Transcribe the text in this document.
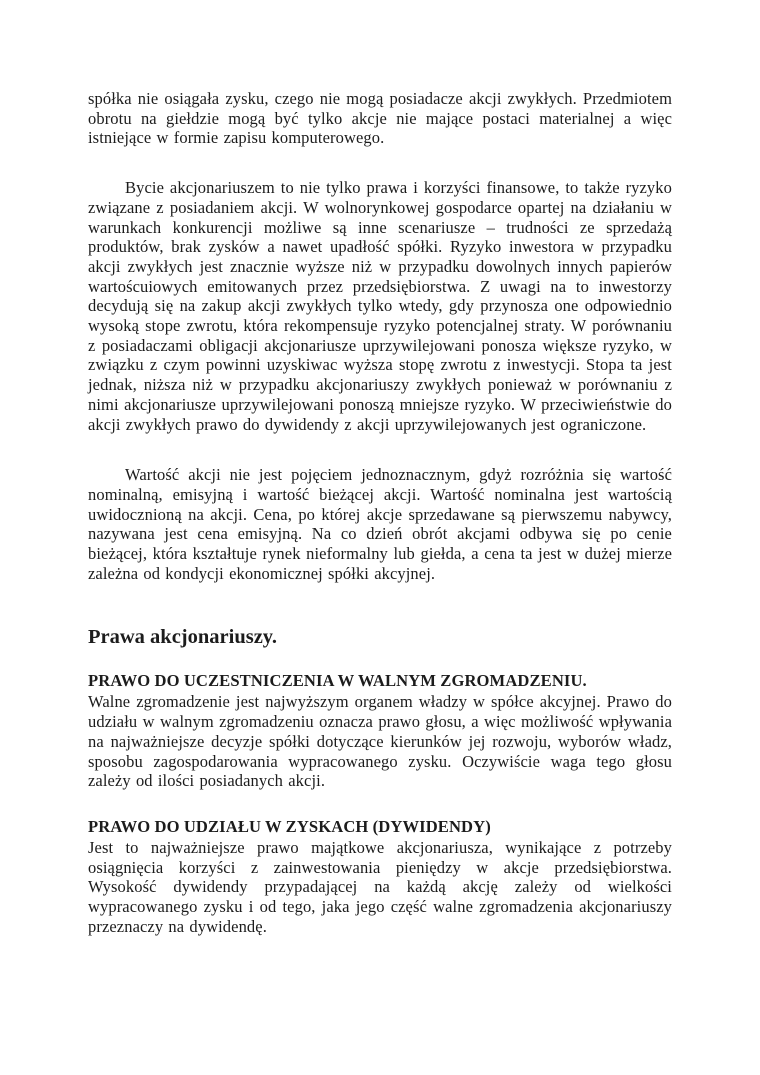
spółka nie osiągała zysku, czego nie mogą posiadacze akcji zwykłych. Przedmiotem obrotu na giełdzie mogą być tylko akcje nie mające postaci materialnej a więc istniejące w formie zapisu komputerowego.

Bycie akcjonariuszem to nie tylko prawa i korzyści finansowe, to także ryzyko związane z posiadaniem akcji. W wolnorynkowej gospodarce opartej na działaniu w warunkach konkurencji możliwe są inne scenariusze – trudności ze sprzedażą produktów, brak zysków a nawet upadłość spółki. Ryzyko inwestora w przypadku akcji zwykłych jest znacznie wyższe niż w przypadku dowolnych innych papierów wartoścuiowych emitowanych przez przedsiębiorstwa. Z uwagi na to inwestorzy decydują się na zakup akcji zwykłych tylko wtedy, gdy przynosza one odpowiednio wysoką stope zwrotu, która rekompensuje ryzyko potencjalnej straty. W porównaniu z posiadaczami obligacji akcjonariusze uprzywilejowani ponosza większe ryzyko, w związku z czym powinni uzyskiwac wyższa stopę zwrotu z inwestycji. Stopa ta jest jednak, niższa niż w przypadku akcjonariuszy zwykłych ponieważ w porównaniu z nimi akcjonariusze uprzywilejowani ponoszą mniejsze ryzyko. W przeciwieństwie do akcji zwykłych prawo do dywidendy z akcji uprzywilejowanych jest ograniczone.

Wartość akcji nie jest pojęciem jednoznacznym, gdyż rozróżnia się wartość nominalną, emisyjną i wartość bieżącej akcji. Wartość nominalna jest wartością uwidocznioną na akcji. Cena, po której akcje sprzedawane są pierwszemu nabywcy, nazywana jest cena emisyjną. Na co dzień obrót akcjami odbywa się po cenie bieżącej, która kształtuje rynek nieformalny lub giełda, a cena ta jest w dużej mierze zależna od kondycji ekonomicznej spółki akcyjnej.

Prawa akcjonariuszy.
PRAWO DO UCZESTNICZENIA W WALNYM ZGROMADZENIU.

Walne zgromadzenie jest najwyższym organem władzy w spółce akcyjnej. Prawo do udziału w walnym zgromadzeniu oznacza prawo głosu, a więc możliwość wpływania na najważniejsze decyzje spółki dotyczące kierunków jej rozwoju, wyborów władz, sposobu zagospodarowania wypracowanego zysku. Oczywiście waga tego głosu zależy od ilości posiadanych akcji.

PRAWO DO UDZIAŁU W ZYSKACH (DYWIDENDY)

Jest to najważniejsze prawo majątkowe akcjonariusza, wynikające z potrzeby osiągnięcia korzyści z zainwestowania pieniędzy w akcje przedsiębiorstwa. Wysokość dywidendy przypadającej na każdą akcję zależy od wielkości wypracowanego zysku i od tego, jaka jego część walne zgromadzenia akcjonariuszy przeznaczy na dywidendę.
